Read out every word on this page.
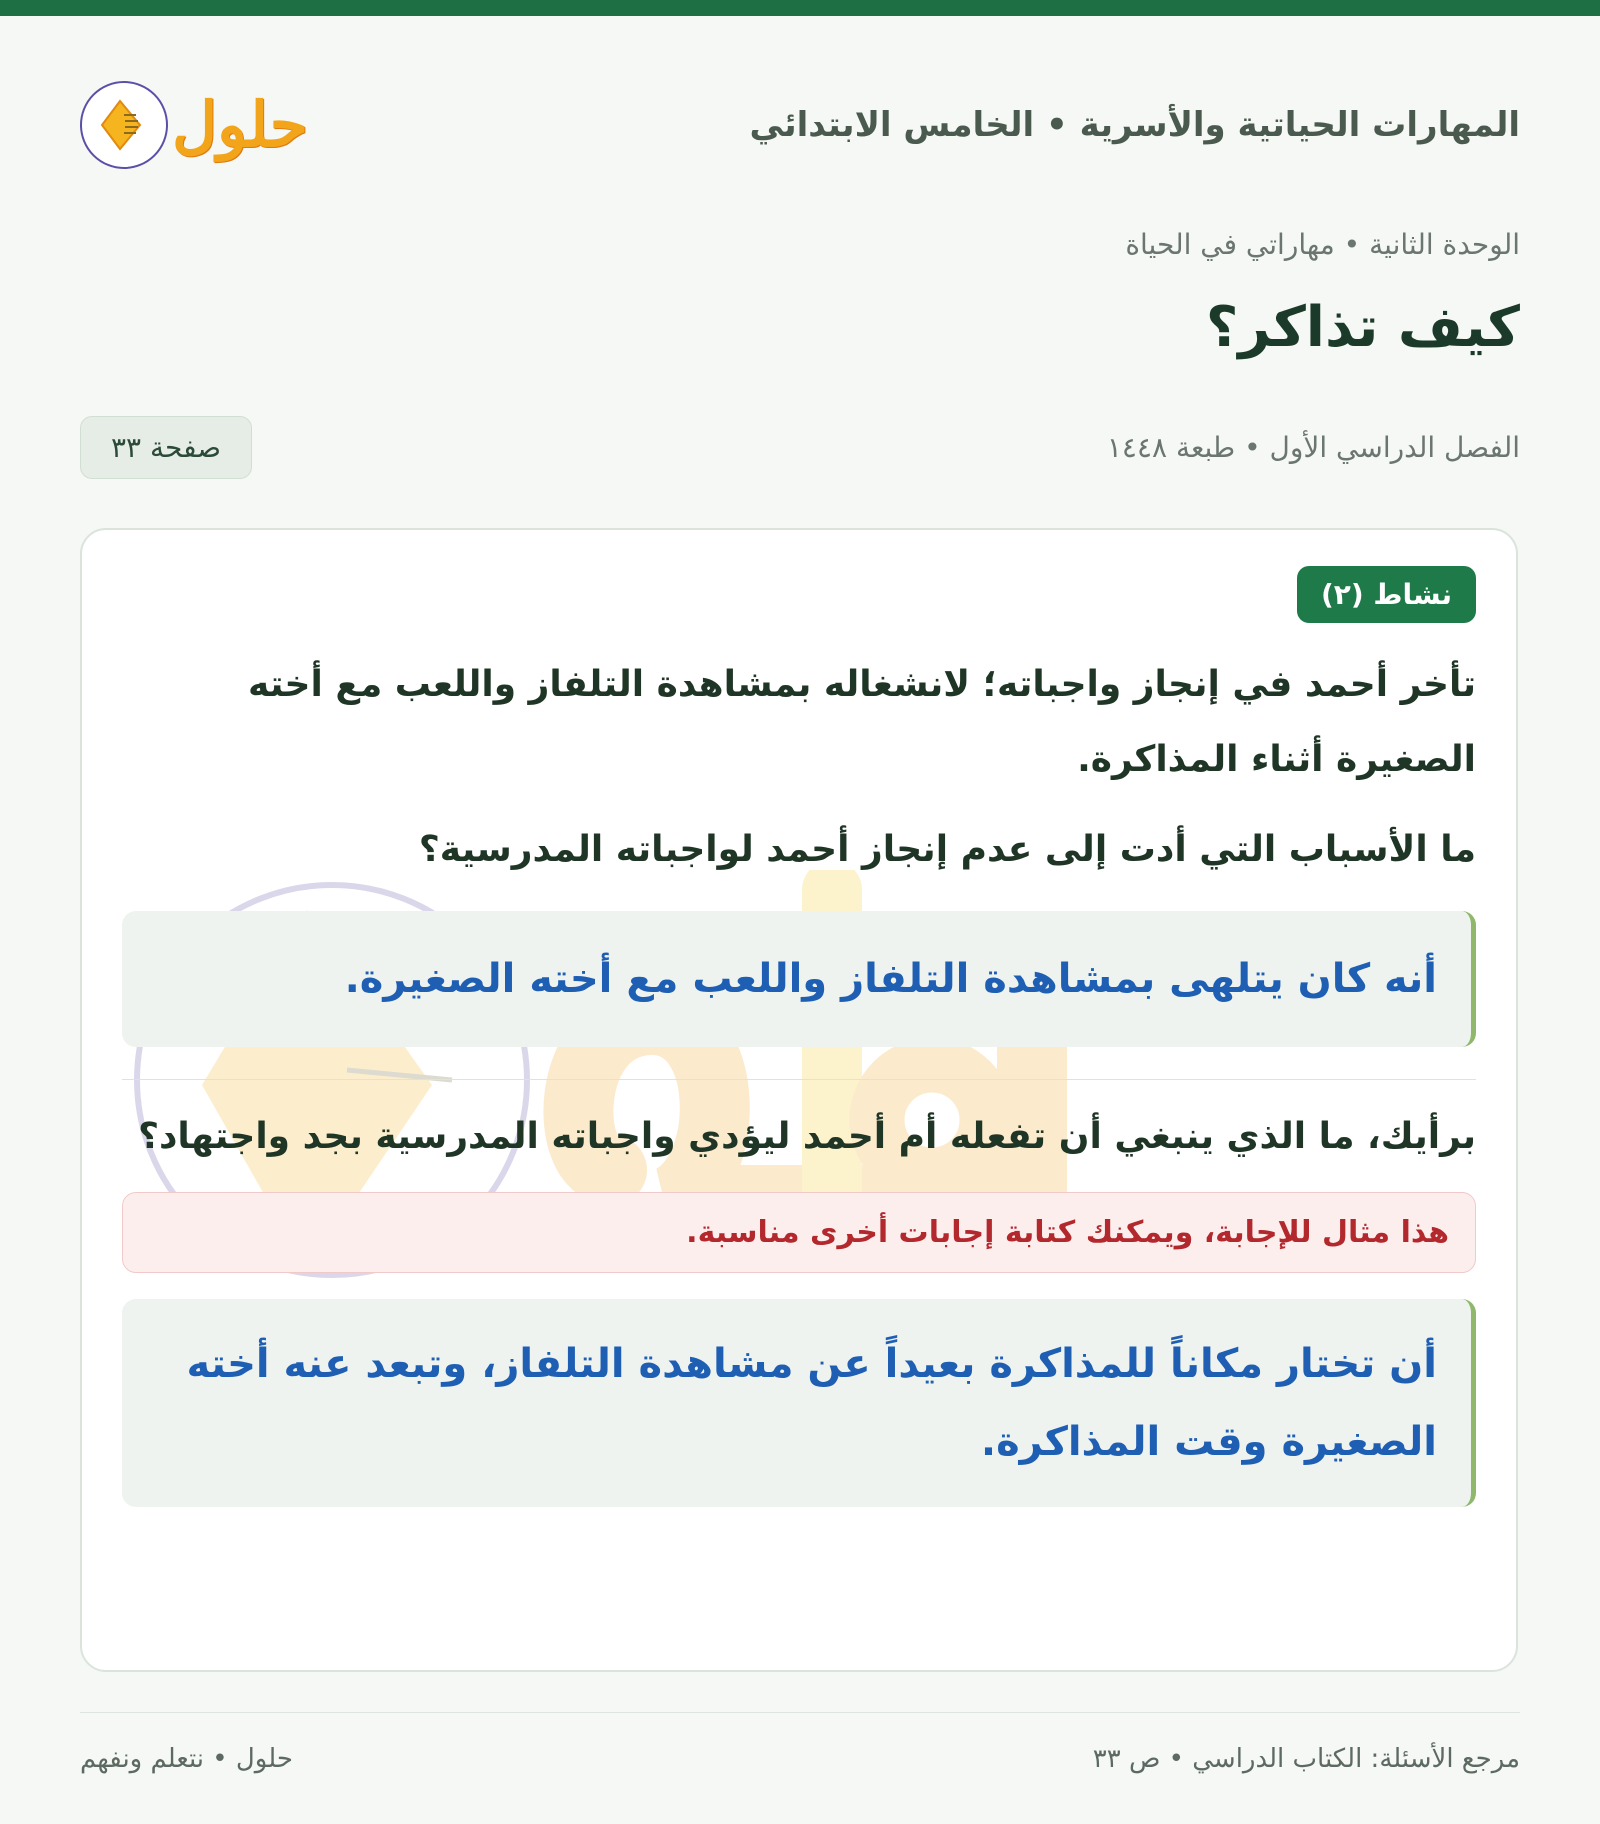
المهارات الحياتية والأسرية • الخامس الابتدائي
حلول
الوحدة الثانية • مهاراتي في الحياة
كيف تذاكر؟
الفصل الدراسي الأول • طبعة ١٤٤٨
صفحة ٣٣
نشاط (٢)

تأخر أحمد في إنجاز واجباته؛ لانشغاله بمشاهدة التلفاز واللعب مع أخته الصغيرة أثناء المذاكرة.

ما الأسباب التي أدت إلى عدم إنجاز أحمد لواجباته المدرسية؟

أنه كان يتلهى بمشاهدة التلفاز واللعب مع أخته الصغيرة.

برأيك، ما الذي ينبغي أن تفعله أم أحمد ليؤدي واجباته المدرسية بجد واجتهاد؟

هذا مثال للإجابة، ويمكنك كتابة إجابات أخرى مناسبة.
أن تختار مكاناً للمذاكرة بعيداً عن مشاهدة التلفاز، وتبعد عنه أخته الصغيرة وقت المذاكرة.
مرجع الأسئلة: الكتاب الدراسي • ص ٣٣
حلول • نتعلم ونفهم
